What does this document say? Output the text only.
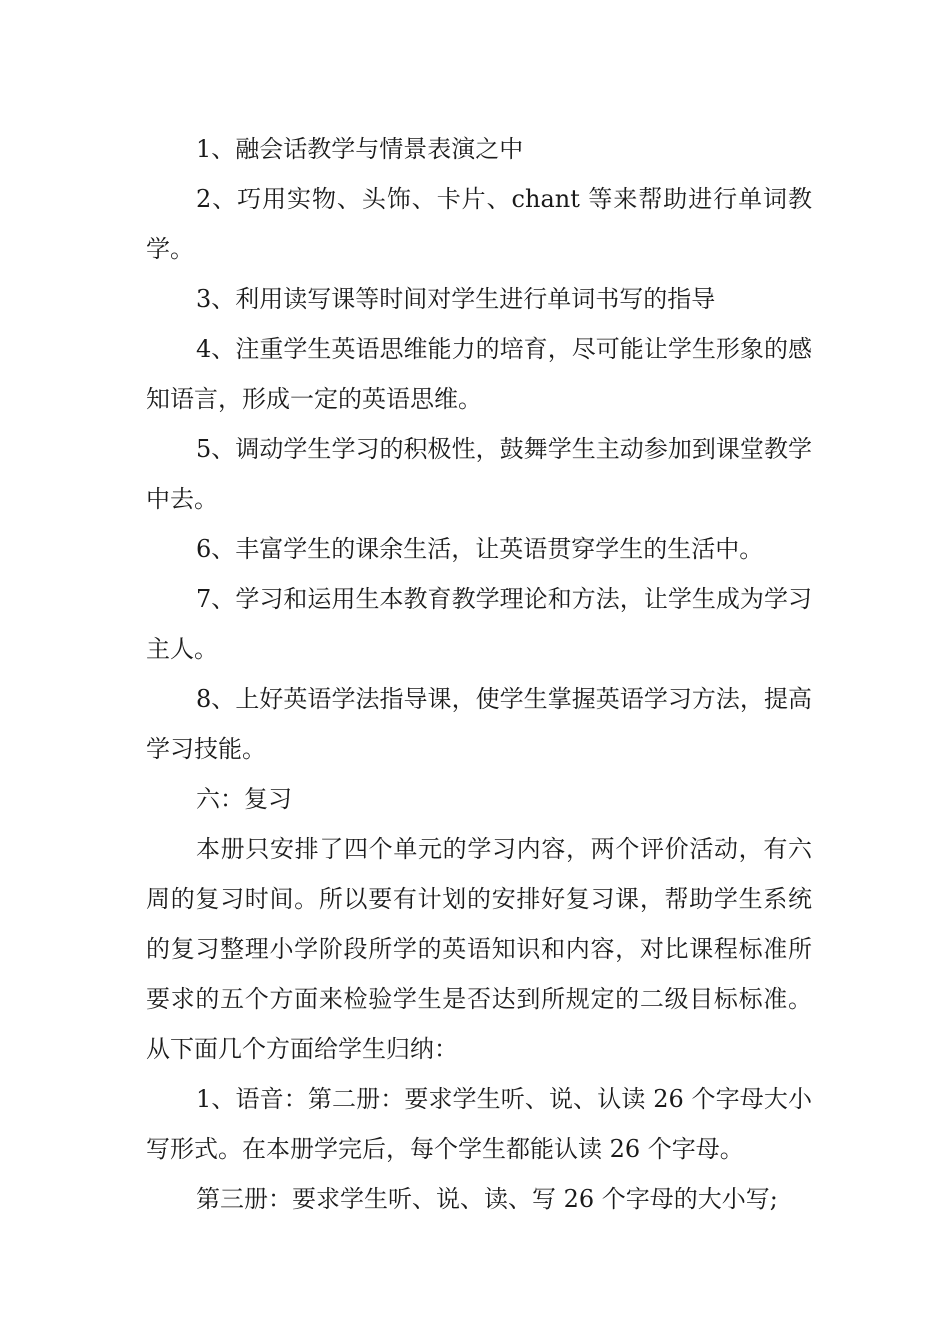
1、融会话教学与情景表演之中

2、巧用实物、头饰、卡片、chant 等来帮助进行单词教学。

3、利用读写课等时间对学生进行单词书写的指导

4、注重学生英语思维能力的培育，尽可能让学生形象的感知语言，形成一定的英语思维。

5、调动学生学习的积极性，鼓舞学生主动参加到课堂教学中去。

6、丰富学生的课余生活，让英语贯穿学生的生活中。

7、学习和运用生本教育教学理论和方法，让学生成为学习主人。

8、上好英语学法指导课，使学生掌握英语学习方法，提高学习技能。

六：复习

本册只安排了四个单元的学习内容，两个评价活动，有六周的复习时间。所以要有计划的安排好复习课，帮助学生系统的复习整理小学阶段所学的英语知识和内容，对比课程标准所要求的五个方面来检验学生是否达到所规定的二级目标标准。从下面几个方面给学生归纳：

1、语音：第二册：要求学生听、说、认读 26 个字母大小写形式。在本册学完后，每个学生都能认读 26 个字母。

第三册：要求学生听、说、读、写 26 个字母的大小写;
